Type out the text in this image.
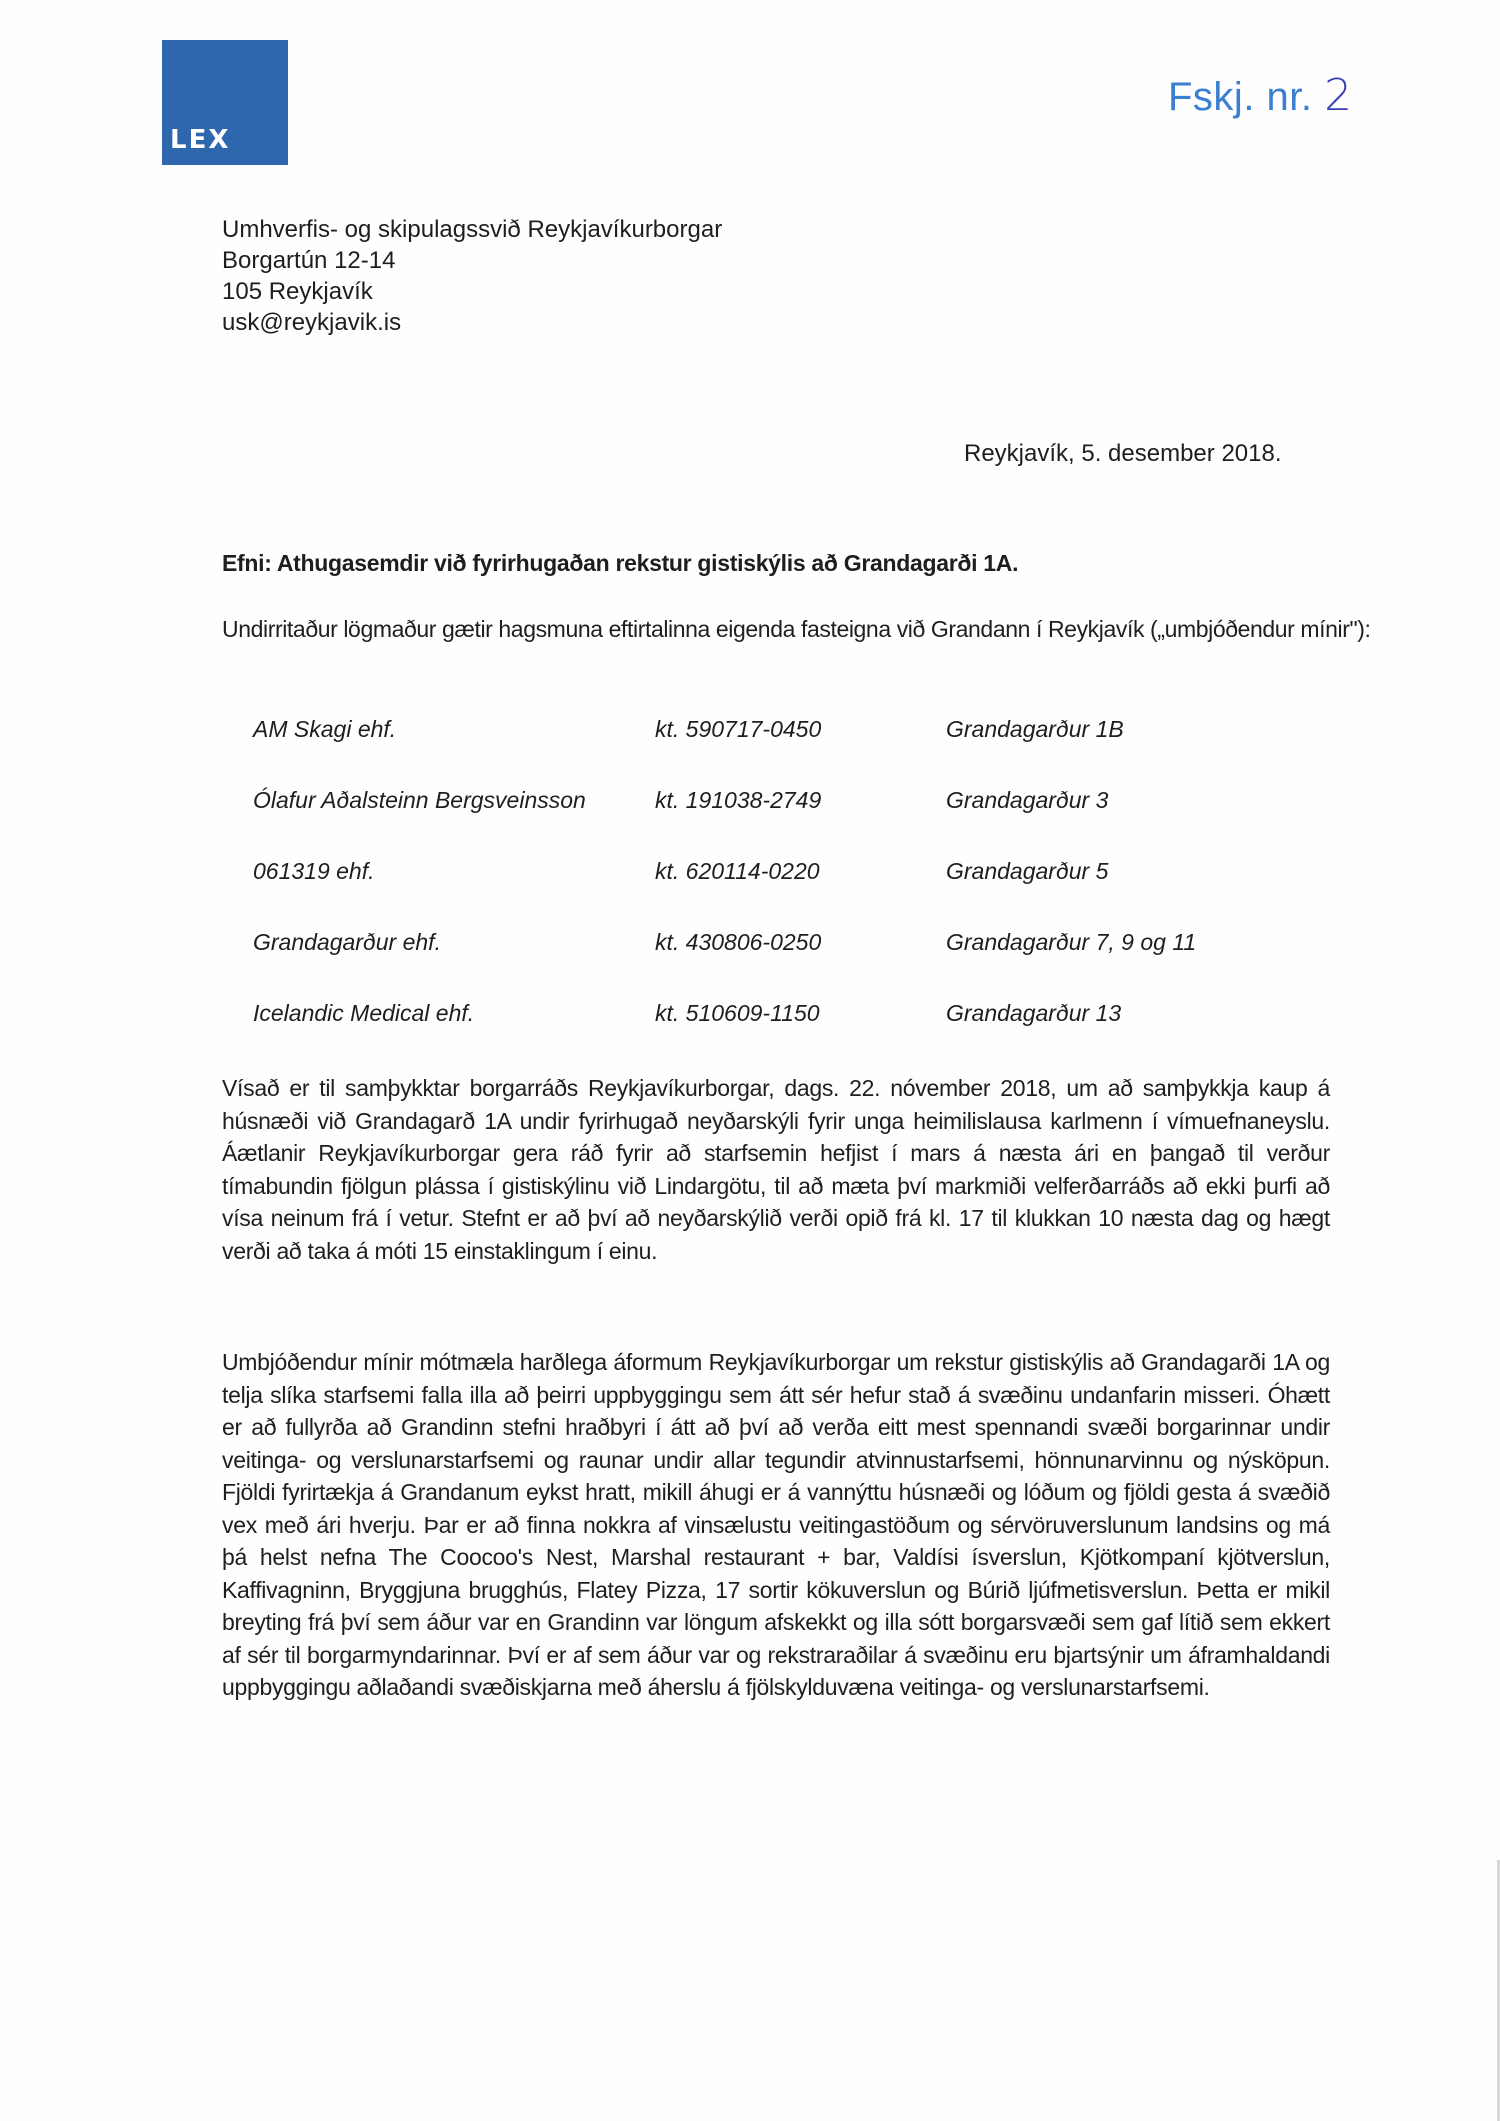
LEX
Fskj. nr. 2
Umhverfis- og skipulagssvið Reykjavíkurborgar
Borgartún 12-14
105 Reykjavík
usk@reykjavik.is
Reykjavík, 5. desember 2018.
Efni: Athugasemdir við fyrirhugaðan rekstur gistiskýlis að Grandagarði 1A.
Undirritaður lögmaður gætir hagsmuna eftirtalinna eigenda fasteigna við Grandann í Reykjavík („umbjóðendur mínir"):
AM Skagi ehf.	kt. 590717-0450	Grandagarður 1B
Ólafur Aðalsteinn Bergsveinsson	kt. 191038-2749	Grandagarður 3
061319 ehf.	kt. 620114-0220	Grandagarður 5
Grandagarður ehf.	kt. 430806-0250	Grandagarður 7, 9 og 11
Icelandic Medical ehf.	kt. 510609-1150	Grandagarður 13
Vísað er til samþykktar borgarráðs Reykjavíkurborgar, dags. 22. nóvember 2018, um að samþykkja kaup á húsnæði við Grandagarð 1A undir fyrirhugað neyðarskýli fyrir unga heimilislausa karlmenn í vímuefnaneyslu. Áætlanir Reykjavíkurborgar gera ráð fyrir að starfsemin hefjist í mars á næsta ári en þangað til verður tímabundin fjölgun plássa í gistiskýlinu við Lindargötu, til að mæta því markmiði velferðarráðs að ekki þurfi að vísa neinum frá í vetur. Stefnt er að því að neyðarskýlið verði opið frá kl. 17 til klukkan 10 næsta dag og hægt verði að taka á móti 15 einstaklingum í einu.
Umbjóðendur mínir mótmæla harðlega áformum Reykjavíkurborgar um rekstur gistiskýlis að Grandagarði 1A og telja slíka starfsemi falla illa að þeirri uppbyggingu sem átt sér hefur stað á svæðinu undanfarin misseri. Óhætt er að fullyrða að Grandinn stefni hraðbyri í átt að því að verða eitt mest spennandi svæði borgarinnar undir veitinga- og verslunarstarfsemi og raunar undir allar tegundir atvinnustarfsemi, hönnunarvinnu og nýsköpun. Fjöldi fyrirtækja á Grandanum eykst hratt, mikill áhugi er á vannýttu húsnæði og lóðum og fjöldi gesta á svæðið vex með ári hverju. Þar er að finna nokkra af vinsælustu veitingastöðum og sérvöruverslunum landsins og má þá helst nefna The Coocoo's Nest, Marshal restaurant + bar, Valdísi ísverslun, Kjötkompaní kjötverslun, Kaffivagninn, Bryggjuna brugghús, Flatey Pizza, 17 sortir kökuverslun og Búrið ljúfmetisverslun. Þetta er mikil breyting frá því sem áður var en Grandinn var löngum afskekkt og illa sótt borgarsvæði sem gaf lítið sem ekkert af sér til borgarmyndarinnar. Því er af sem áður var og rekstraraðilar á svæðinu eru bjartsýnir um áframhaldandi uppbyggingu aðlaðandi svæðiskjarna með áherslu á fjölskylduvæna veitinga- og verslunarstarfsemi.
